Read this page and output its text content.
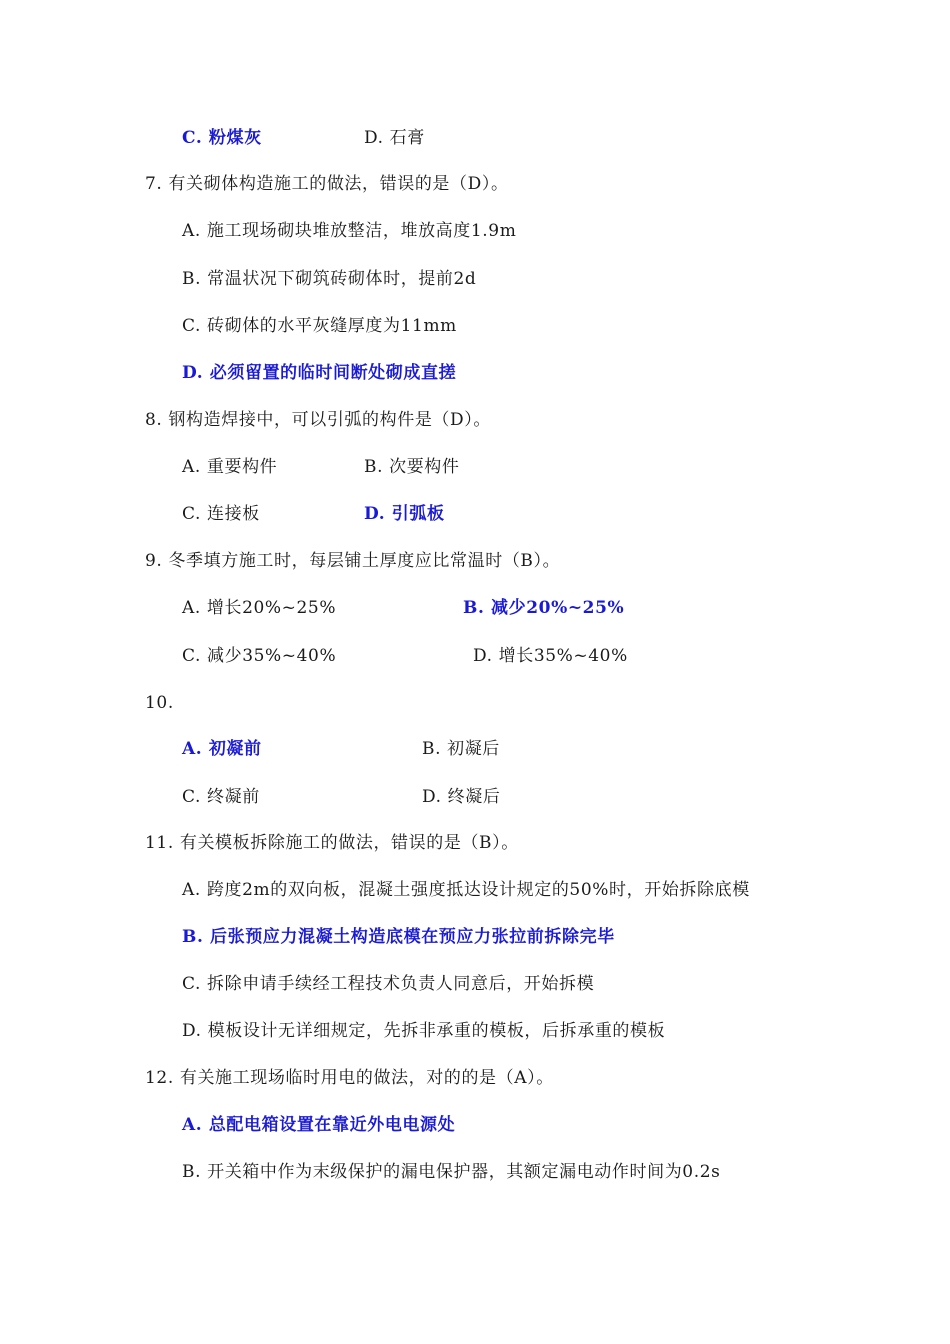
C. 粉煤灰	D. 石膏
7. 有关砌体构造施工的做法，错误的是（D）。
A. 施工现场砌块堆放整洁，堆放高度1.9m
B. 常温状况下砌筑砖砌体时，提前2d
C. 砖砌体的水平灰缝厚度为11mm
D. 必须留置的临时间断处砌成直搓
8. 钢构造焊接中，可以引弧的构件是（D）。
A. 重要构件	B. 次要构件
C. 连接板	D. 引弧板
9. 冬季填方施工时，每层铺土厚度应比常温时（B）。
A. 增长20%~25%	B. 减少20%~25%
C. 减少35%~40%	D. 增长35%~40%
10.
A. 初凝前	B. 初凝后
C. 终凝前	D. 终凝后
11. 有关模板拆除施工的做法，错误的是（B）。
A. 跨度2m的双向板，混凝土强度抵达设计规定的50%时，开始拆除底模
B. 后张预应力混凝土构造底模在预应力张拉前拆除完毕
C. 拆除申请手续经工程技术负责人同意后，开始拆模
D. 模板设计无详细规定，先拆非承重的模板，后拆承重的模板
12. 有关施工现场临时用电的做法，对的的是（A）。
A. 总配电箱设置在靠近外电电源处
B. 开关箱中作为末级保护的漏电保护器，其额定漏电动作时间为0.2s
